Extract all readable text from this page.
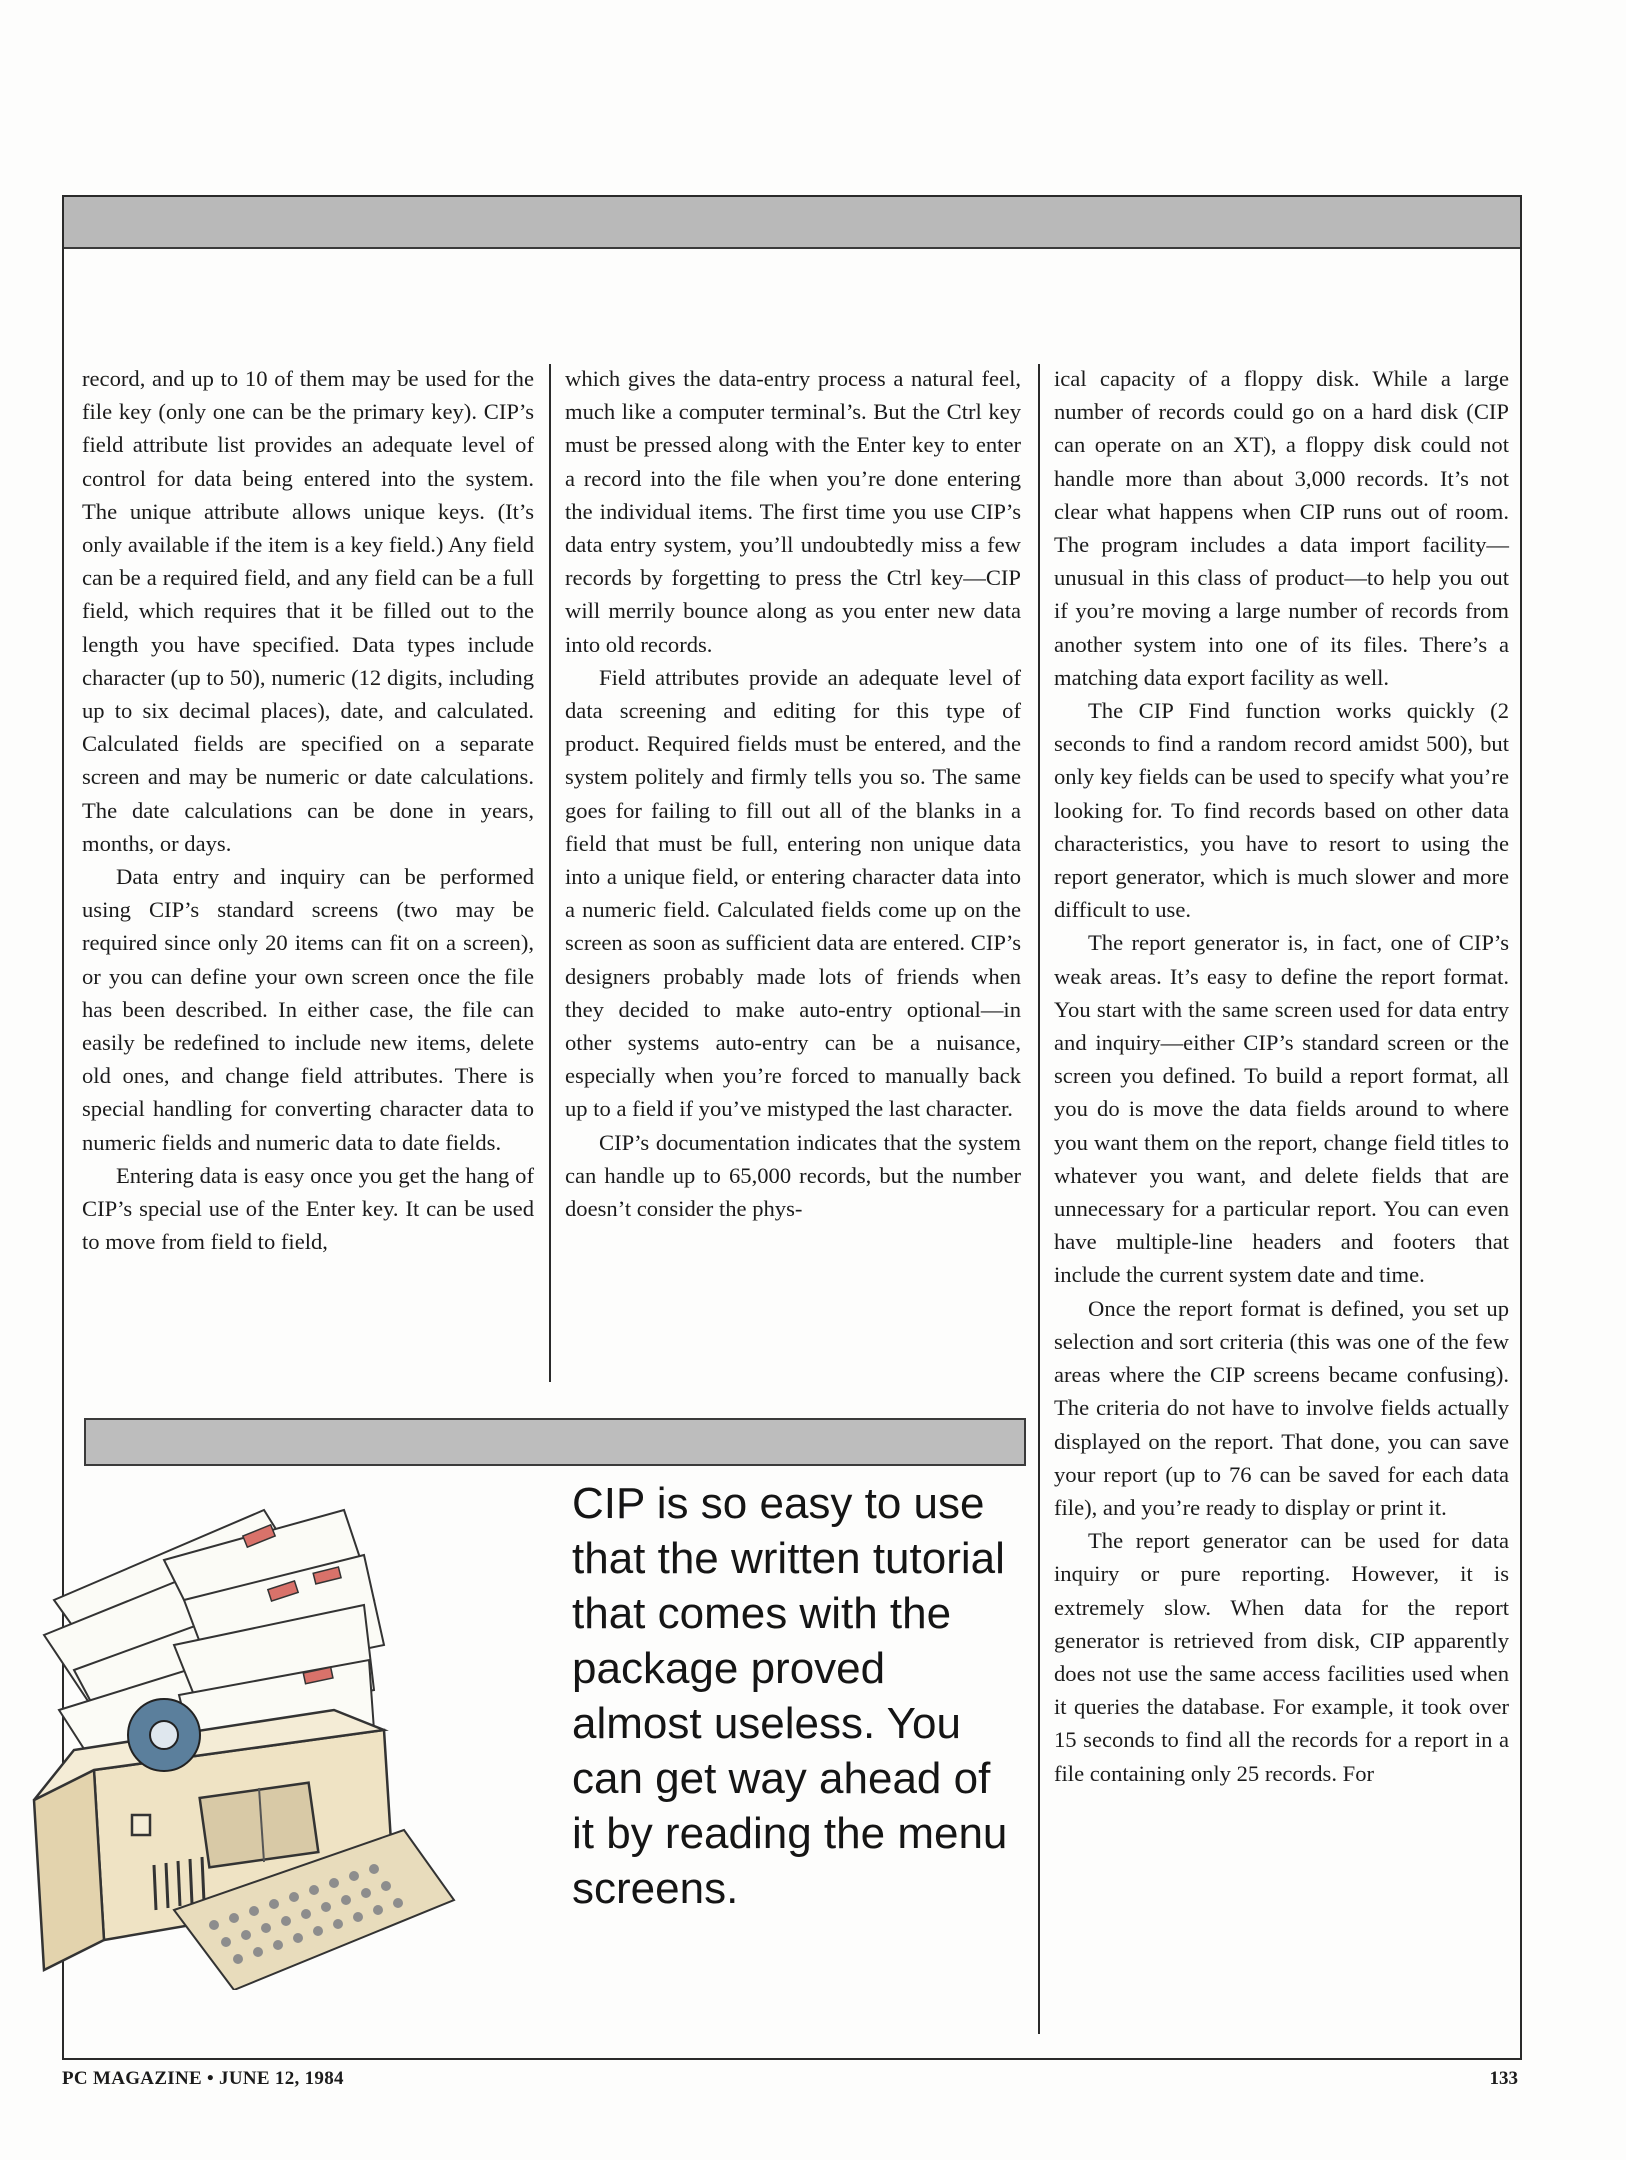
record, and up to 10 of them may be used for the file key (only one can be the primary key). CIP’s field attribute list provides an adequate level of control for data being entered into the system. The unique attribute allows unique keys. (It’s only available if the item is a key field.) Any field can be a required field, and any field can be a full field, which requires that it be filled out to the length you have specified. Data types include character (up to 50), numeric (12 digits, including up to six decimal places), date, and calculated. Calculated fields are specified on a separate screen and may be numeric or date calculations. The date calculations can be done in years, months, or days.

Data entry and inquiry can be performed using CIP’s standard screens (two may be required since only 20 items can fit on a screen), or you can define your own screen once the file has been described. In either case, the file can easily be redefined to include new items, delete old ones, and change field attributes. There is special handling for converting character data to numeric fields and numeric data to date fields.

Entering data is easy once you get the hang of CIP’s special use of the Enter key. It can be used to move from field to field,

which gives the data-entry process a natural feel, much like a computer terminal’s. But the Ctrl key must be pressed along with the Enter key to enter a record into the file when you’re done entering the individual items. The first time you use CIP’s data entry system, you’ll undoubtedly miss a few records by forgetting to press the Ctrl key—CIP will merrily bounce along as you enter new data into old records.

Field attributes provide an adequate level of data screening and editing for this type of product. Required fields must be entered, and the system politely and firmly tells you so. The same goes for failing to fill out all of the blanks in a field that must be full, entering non unique data into a unique field, or entering character data into a numeric field. Calculated fields come up on the screen as soon as sufficient data are entered. CIP’s designers probably made lots of friends when they decided to make auto-entry optional—in other systems auto-entry can be a nuisance, especially when you’re forced to manually back up to a field if you’ve mistyped the last character.

CIP’s documentation indicates that the system can handle up to 65,000 records, but the number doesn’t consider the phys-

ical capacity of a floppy disk. While a large number of records could go on a hard disk (CIP can operate on an XT), a floppy disk could not handle more than about 3,000 records. It’s not clear what happens when CIP runs out of room. The program includes a data import facility—unusual in this class of product—to help you out if you’re moving a large number of records from another system into one of its files. There’s a matching data export facility as well.

The CIP Find function works quickly (2 seconds to find a random record amidst 500), but only key fields can be used to specify what you’re looking for. To find records based on other data characteristics, you have to resort to using the report generator, which is much slower and more difficult to use.

The report generator is, in fact, one of CIP’s weak areas. It’s easy to define the report format. You start with the same screen used for data entry and inquiry—either CIP’s standard screen or the screen you defined. To build a report format, all you do is move the data fields around to where you want them on the report, change field titles to whatever you want, and delete fields that are unnecessary for a particular report. You can even have multiple-line headers and footers that include the current system date and time.

Once the report format is defined, you set up selection and sort criteria (this was one of the few areas where the CIP screens became confusing). The criteria do not have to involve fields actually displayed on the report. That done, you can save your report (up to 76 can be saved for each data file), and you’re ready to display or print it.

The report generator can be used for data inquiry or pure reporting. However, it is extremely slow. When data for the report generator is retrieved from disk, CIP apparently does not use the same access facilities used when it queries the database. For example, it took over 15 seconds to find all the records for a report in a file containing only 25 records. For

CIP is so easy to use that the written tutorial that comes with the package proved almost useless. You can get way ahead of it by reading the menu screens.
PC MAGAZINE • JUNE 12, 1984	133
